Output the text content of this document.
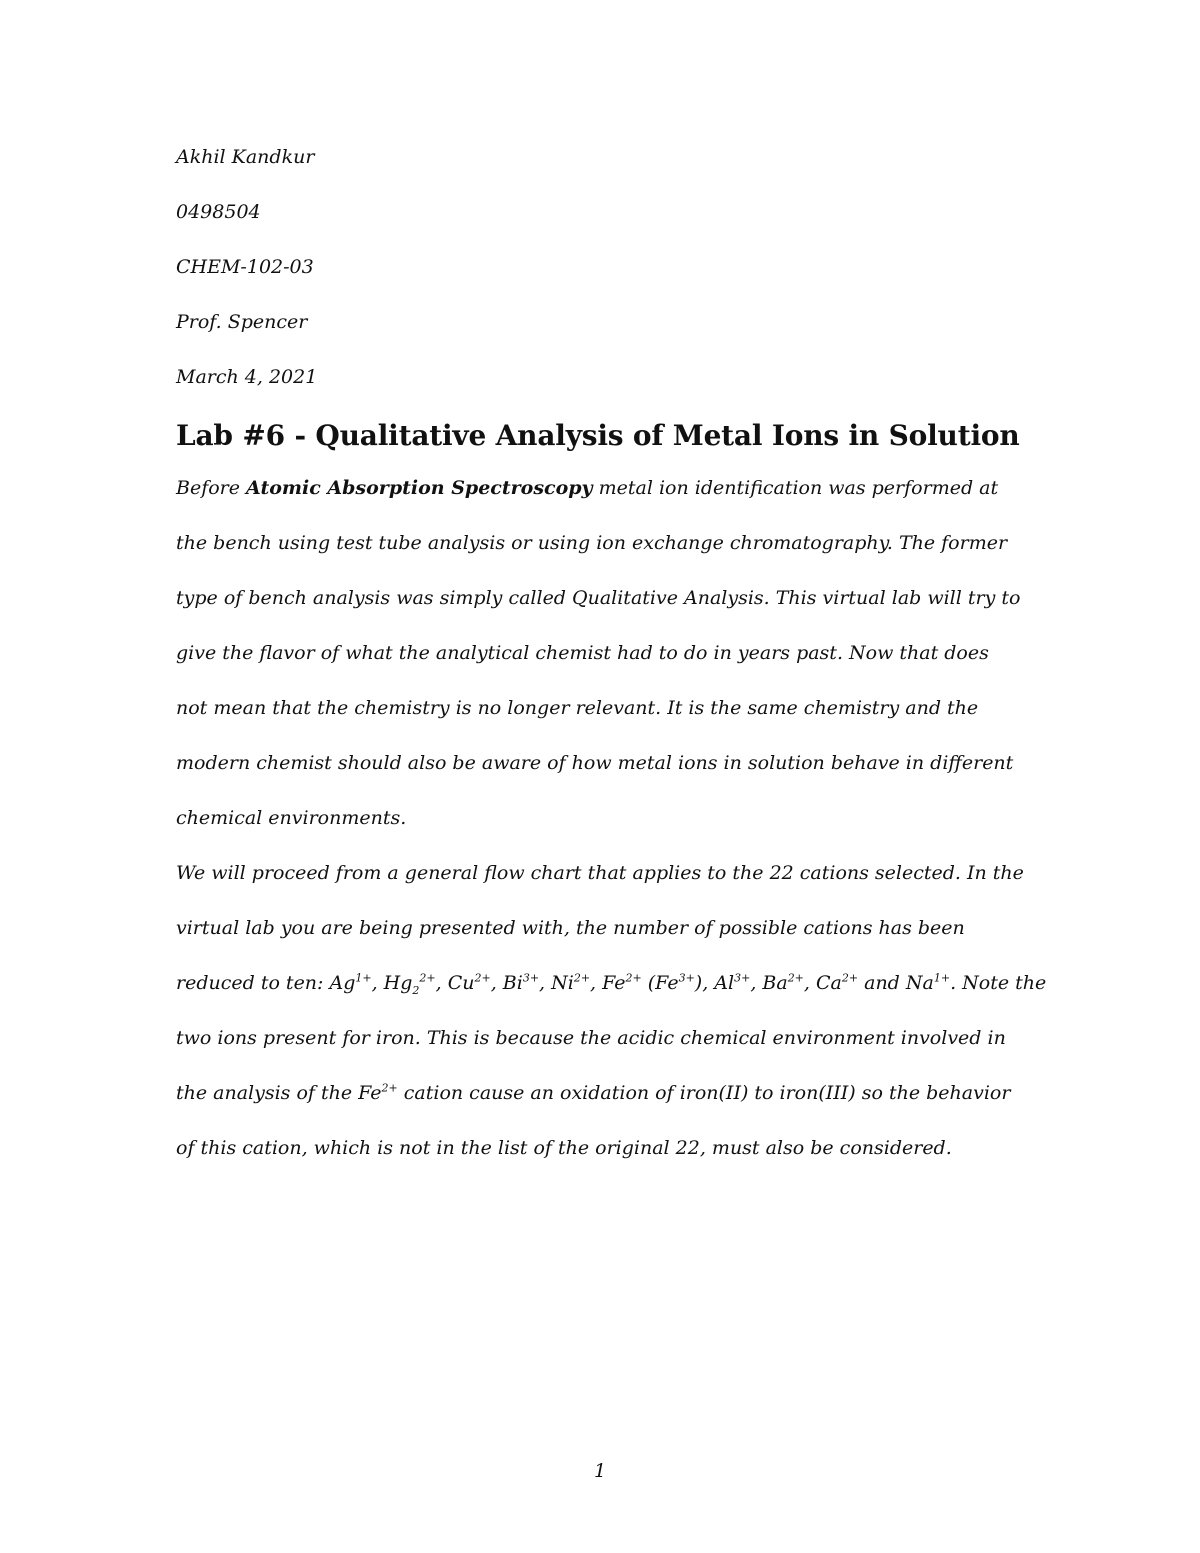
Akhil Kandkur
0498504
CHEM-102-03
Prof. Spencer
March 4, 2021
Lab #6 - Qualitative Analysis of Metal Ions in Solution
Before Atomic Absorption Spectroscopy metal ion identification was performed at
the bench using test tube analysis or using ion exchange chromatography. The former
type of bench analysis was simply called Qualitative Analysis. This virtual lab will try to
give the flavor of what the analytical chemist had to do in years past. Now that does
not mean that the chemistry is no longer relevant. It is the same chemistry and the
modern chemist should also be aware of how metal ions in solution behave in different
chemical environments.
We will proceed from a general flow chart that applies to the 22 cations selected. In the
virtual lab you are being presented with, the number of possible cations has been
reduced to ten: $Ag^{1+}$, $Hg_2^{2+}$, $Cu^{2+}$, $Bi^{3+}$, $Ni^{2+}$, $Fe^{2+}$ $(Fe^{3+})$, $Al^{3+}$, $Ba^{2+}$, $Ca^{2+}$ and $Na^{1+}$. Note the
two ions present for iron. This is because the acidic chemical environment involved in
the analysis of the $Fe^{2+}$ cation cause an oxidation of iron(II) to iron(III) so the behavior
of this cation, which is not in the list of the original 22, must also be considered.
1
